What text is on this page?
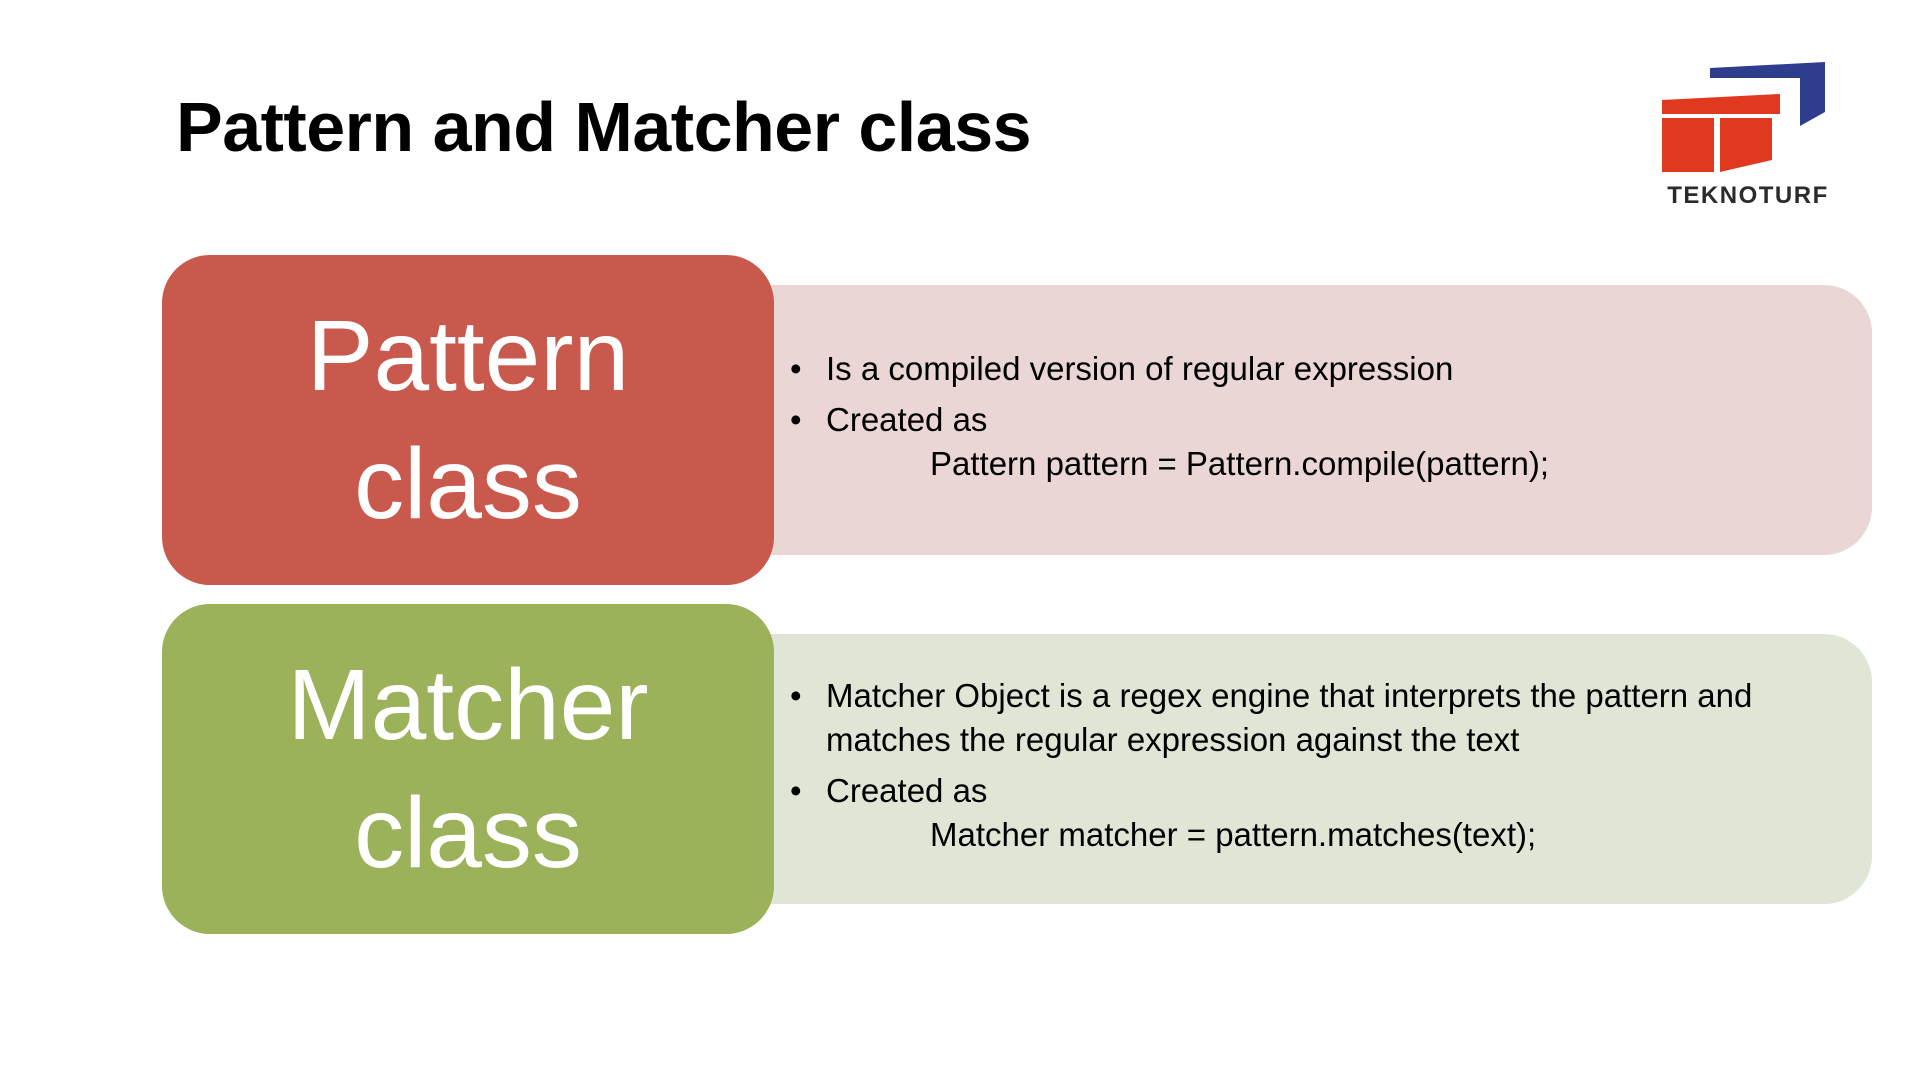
Pattern and Matcher class
TEKNOTURF
Pattern
class
• Is a compiled version of regular expression
• Created as
Pattern pattern = Pattern.compile(pattern);
Matcher
class
• Matcher Object is a regex engine that interprets the pattern and matches the regular expression against the text
• Created as
Matcher matcher = pattern.matches(text);
